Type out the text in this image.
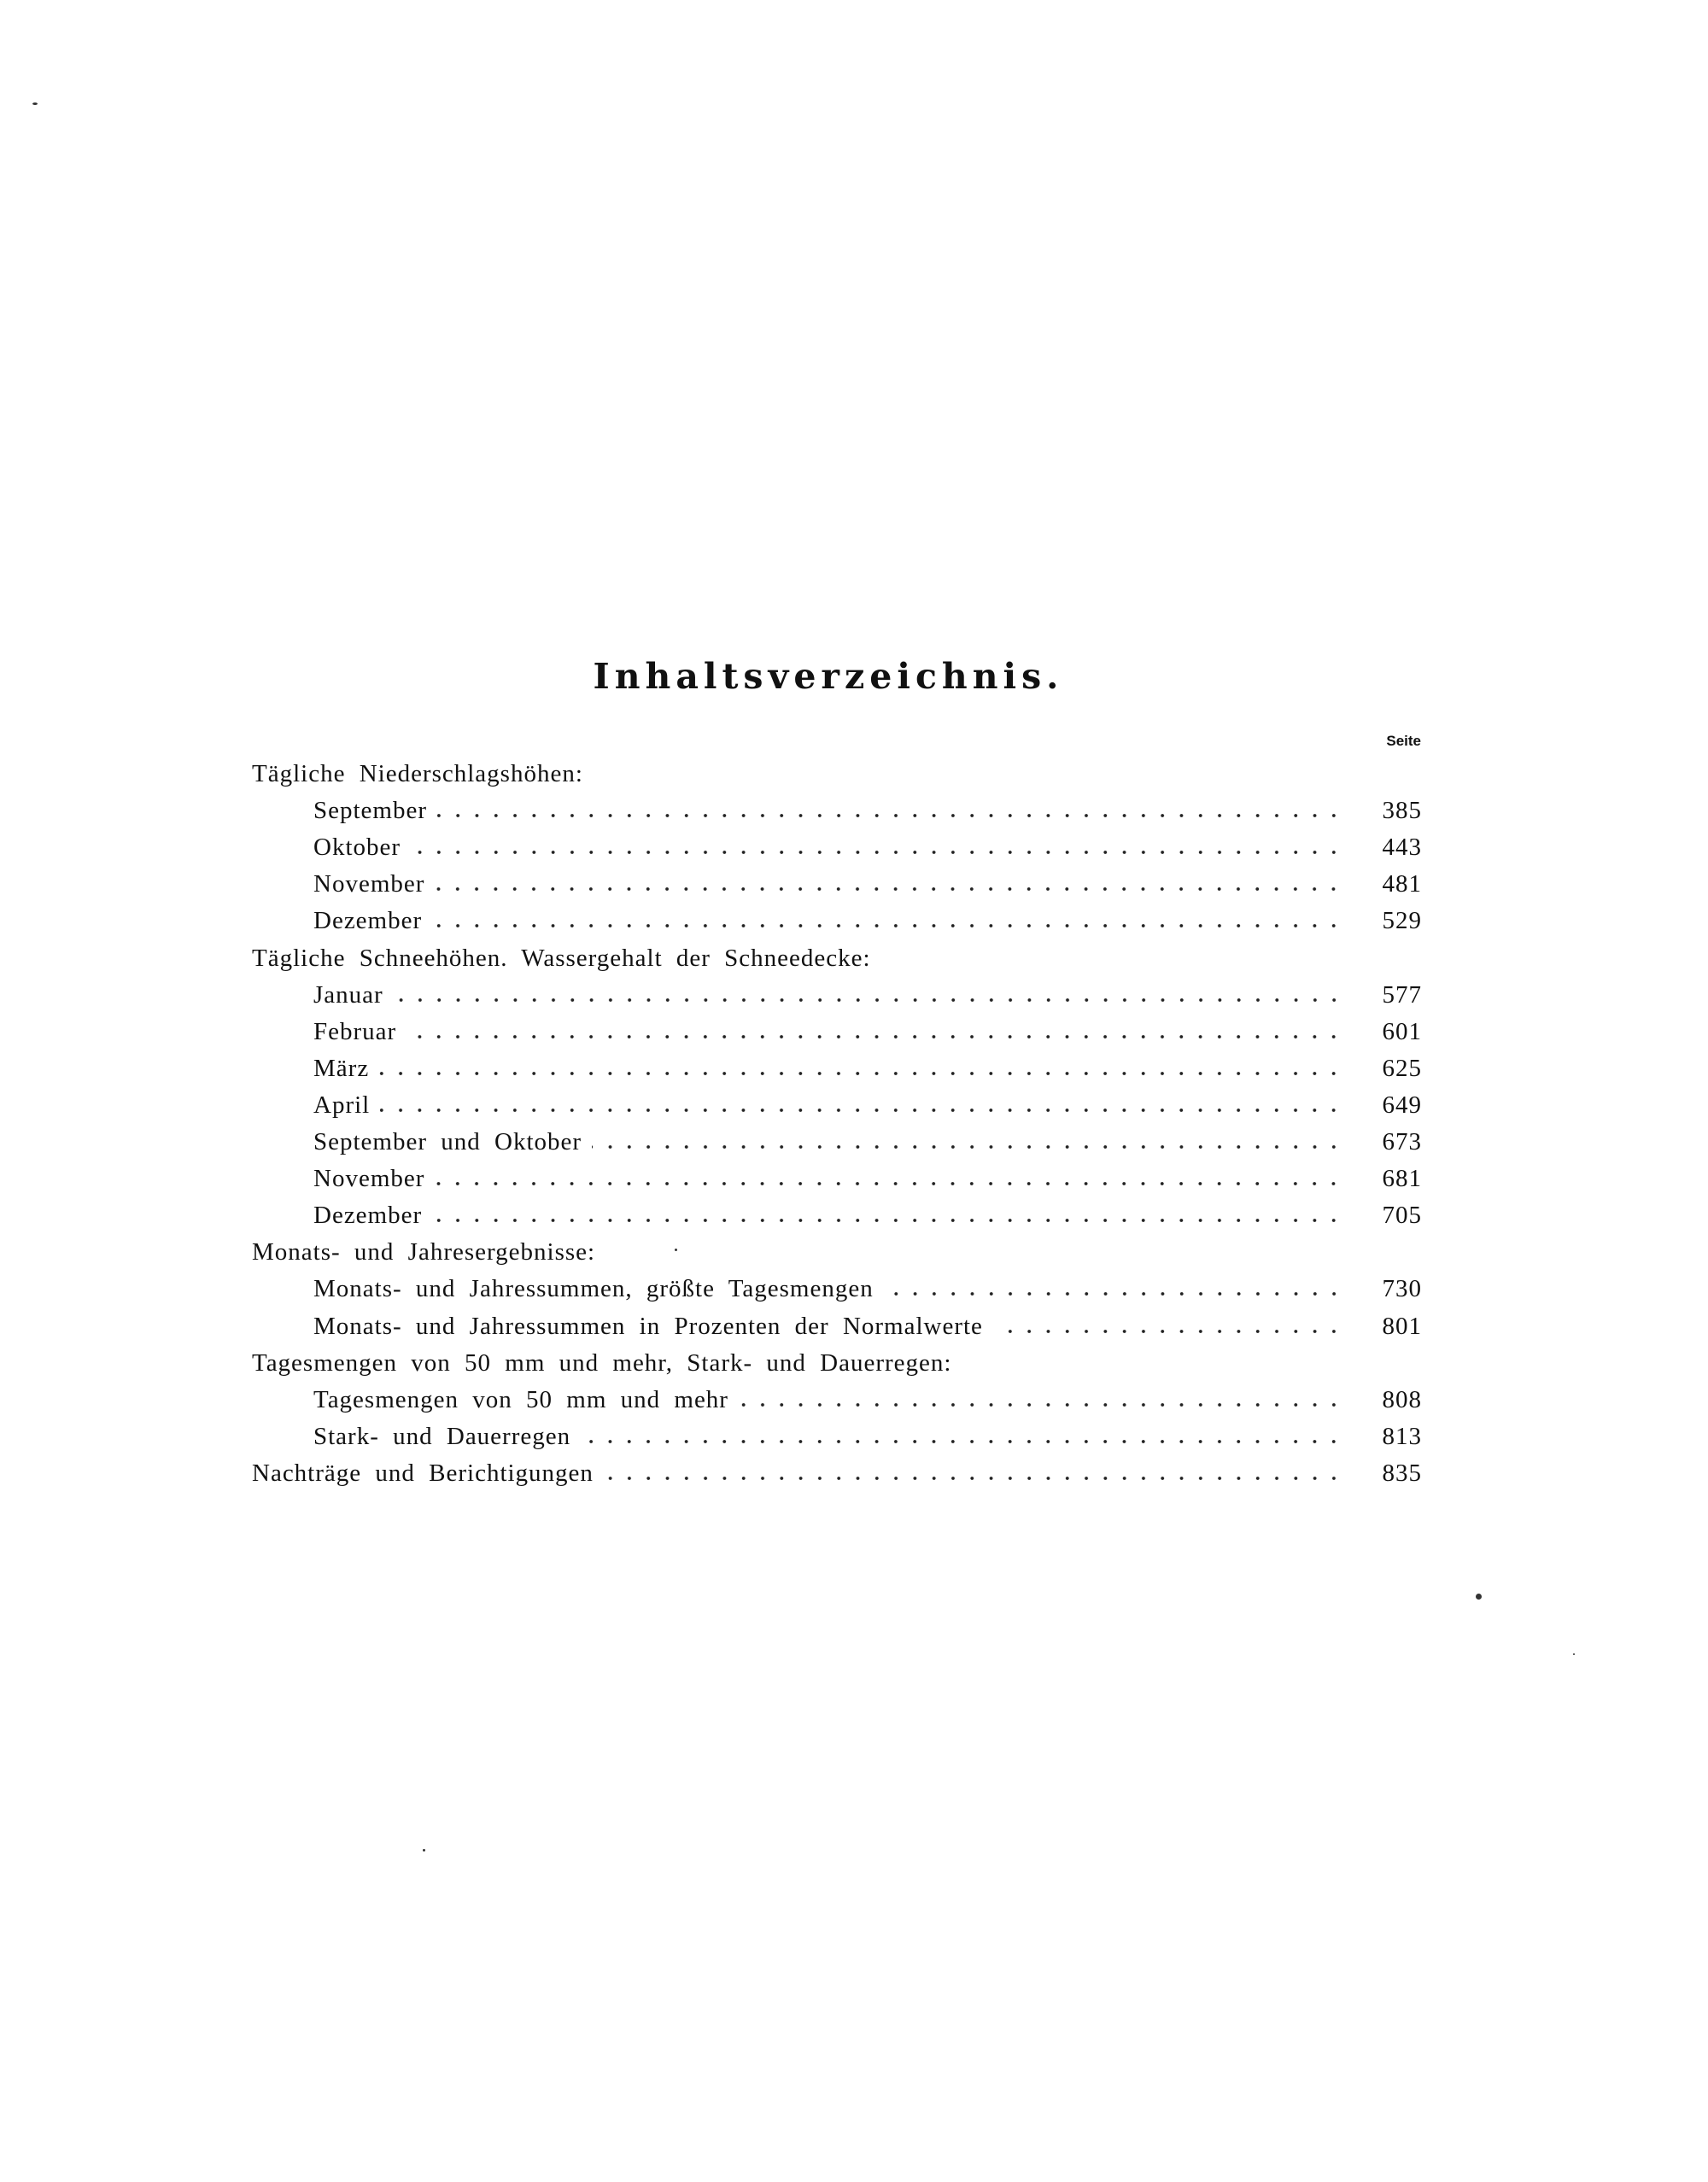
Inhaltsverzeichnis.
Seite
Tägliche Niederschlagshöhen:
September	385
Oktober	443
November	481
Dezember	529
Tägliche Schneehöhen. Wassergehalt der Schneedecke:
Januar	577
Februar	601
März	625
April	649
September und Oktober	673
November	681
Dezember	705
Monats- und Jahresergebnisse:
Monats- und Jahressummen, größte Tagesmengen	730
Monats- und Jahressummen in Prozenten der Normalwerte	801
Tagesmengen von 50 mm und mehr, Stark- und Dauerregen:
Tagesmengen von 50 mm und mehr	808
Stark- und Dauerregen	813
Nachträge und Berichtigungen	835
